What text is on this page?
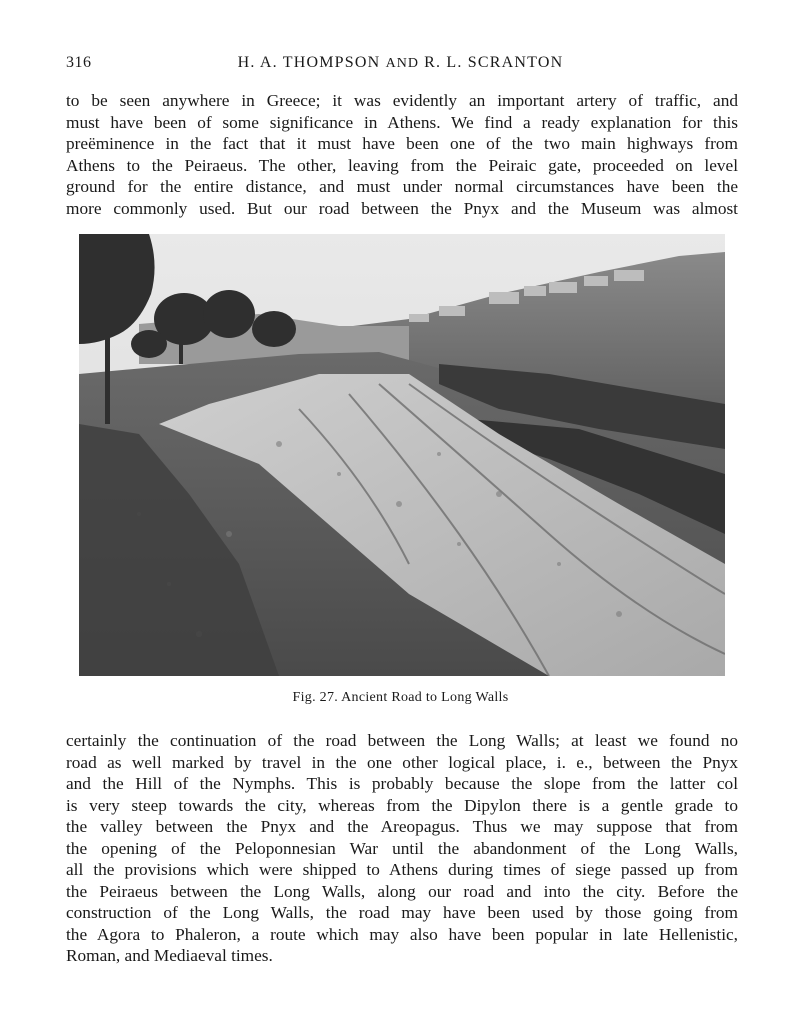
316	H. A. THOMPSON AND R. L. SCRANTON
to be seen anywhere in Greece; it was evidently an important artery of traffic, and
must have been of some significance in Athens. We find a ready explanation for this
preëminence in the fact that it must have been one of the two main highways from
Athens to the Peiraeus. The other, leaving from the Peiraic gate, proceeded on level
ground for the entire distance, and must under normal circumstances have been the
more commonly used. But our road between the Pnyx and the Museum was almost
Fig. 27. Ancient Road to Long Walls
certainly the continuation of the road between the Long Walls; at least we found no
road as well marked by travel in the one other logical place, i. e., between the Pnyx
and the Hill of the Nymphs. This is probably because the slope from the latter col
is very steep towards the city, whereas from the Dipylon there is a gentle grade to
the valley between the Pnyx and the Areopagus. Thus we may suppose that from
the opening of the Peloponnesian War until the abandonment of the Long Walls,
all the provisions which were shipped to Athens during times of siege passed up from
the Peiraeus between the Long Walls, along our road and into the city. Before the
construction of the Long Walls, the road may have been used by those going from
the Agora to Phaleron, a route which may also have been popular in late Hellenistic,
Roman, and Mediaeval times.
